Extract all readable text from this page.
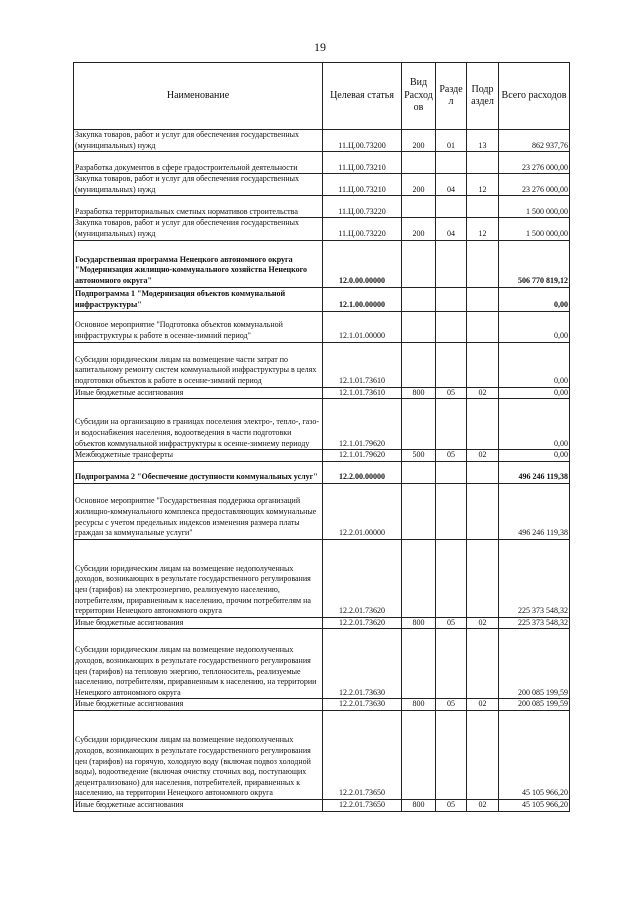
19
Наименование	Целевая статья	Вид Расход ов	Разде л	Подр аздел	Всего расходов
Закупка товаров, работ и услуг для обеспечения государственных (муниципальных) нужд	11.Ц.00.73200	200	01	13	862 937,76
Разработка документов в сфере градостроительной деятельности	11.Ц.00.73210				23 276 000,00
Закупка товаров, работ и услуг для обеспечения государственных (муниципальных) нужд	11.Ц.00.73210	200	04	12	23 276 000,00
Разработка территориальных сметных нормативов строительства	11.Ц.00.73220				1 500 000,00
Закупка товаров, работ и услуг для обеспечения государственных (муниципальных) нужд	11.Ц.00.73220	200	04	12	1 500 000,00
Государственная программа Ненецкого автономного округа "Модернизация жилищно-коммунального хозяйства Ненецкого автономного округа"	12.0.00.00000				506 770 819,12
Подпрограмма 1 "Модернизация объектов коммунальной инфраструктуры"	12.1.00.00000				0,00
Основное мероприятие "Подготовка объектов коммунальной инфраструктуры к работе в осенне-зимний период"	12.1.01.00000				0,00
Субсидии юридическим лицам на возмещение части затрат по капитальному ремонту систем коммунальной инфраструктуры в целях подготовки объектов к работе в осенне-зимний период	12.1.01.73610				0,00
Иные бюджетные ассигнования	12.1.01.73610	800	05	02	0,00
Субсидии на организацию в границах поселения электро-, тепло-, газо- и водоснабжения населения, водоотведения в части подготовки объектов коммунальной инфраструктуры к осенне-зимнему периоду	12.1.01.79620				0,00
Межбюджетные трансферты	12.1.01.79620	500	05	02	0,00
Подпрограмма 2 "Обеспечение доступности коммунальных услуг"	12.2.00.00000				496 246 119,38
Основное мероприятие "Государственная поддержка организаций жилищно-коммунального комплекса предоставляющих коммунальные ресурсы с учетом предельных индексов изменения размера платы граждан за коммунальные услуги"	12.2.01.00000				496 246 119,38
Субсидии юридическим лицам на возмещение недополученных доходов, возникающих в результате государственного регулирования цен (тарифов) на электроэнергию, реализуемую населению, потребителям, приравненным к населению, прочим потребителям на территории Ненецкого автономного округа	12.2.01.73620				225 373 548,32
Иные бюджетные ассигнования	12.2.01.73620	800	05	02	225 373 548,32
Субсидии юридическим лицам на возмещение недополученных доходов, возникающих в результате государственного регулирования цен (тарифов) на тепловую энергию, теплоноситель, реализуемые населению, потребителям, приравненным к населению, на территории Ненецкого автономного округа	12.2.01.73630				200 085 199,59
Иные бюджетные ассигнования	12.2.01.73630	800	05	02	200 085 199,59
Субсидии юридическим лицам на возмещение недополученных доходов, возникающих в результате государственного регулирования цен (тарифов) на горячую, холодную воду (включая подвоз холодной воды), водоотведение (включая очистку сточных вод, поступающих децентрализовано) для населения, потребителей, приравненных к населению, на территории Ненецкого автономного округа	12.2.01.73650				45 105 966,20
Иные бюджетные ассигнования	12.2.01.73650	800	05	02	45 105 966,20
